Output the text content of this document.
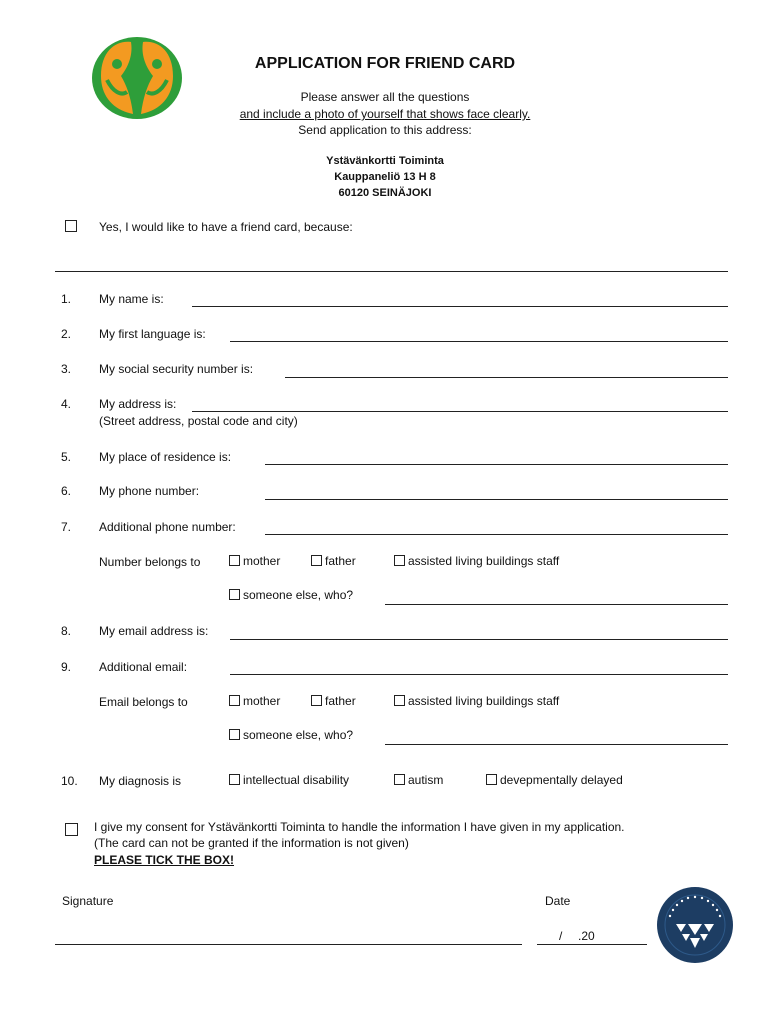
APPLICATION FOR FRIEND CARD
Please answer all the questions
and include a photo of yourself that shows face clearly.
Send application to this address:
Ystävänkortti Toiminta
Kauppaneliö 13 H 8
60120 SEINÄJOKI
Yes, I would like to have a friend card, because:
1. My name is:
2. My first language is:
3. My social security number is:
4. My address is:
(Street address, postal code and city)
5. My place of residence is:
6. My phone number:
7. Additional phone number:
Number belongs to	mother	father	assisted living buildings staff
someone else, who?
8. My email address is:
9. Additional email:
Email belongs to	mother	father	assisted living buildings staff
someone else, who?
10. My diagnosis is	intellectual disability	autism	devepmentally delayed
I give my consent for Ystävänkortti Toiminta to handle the information I have given in my application.
(The card can not be granted if the information is not given)
PLEASE TICK THE BOX!
Signature	Date
/ .20
